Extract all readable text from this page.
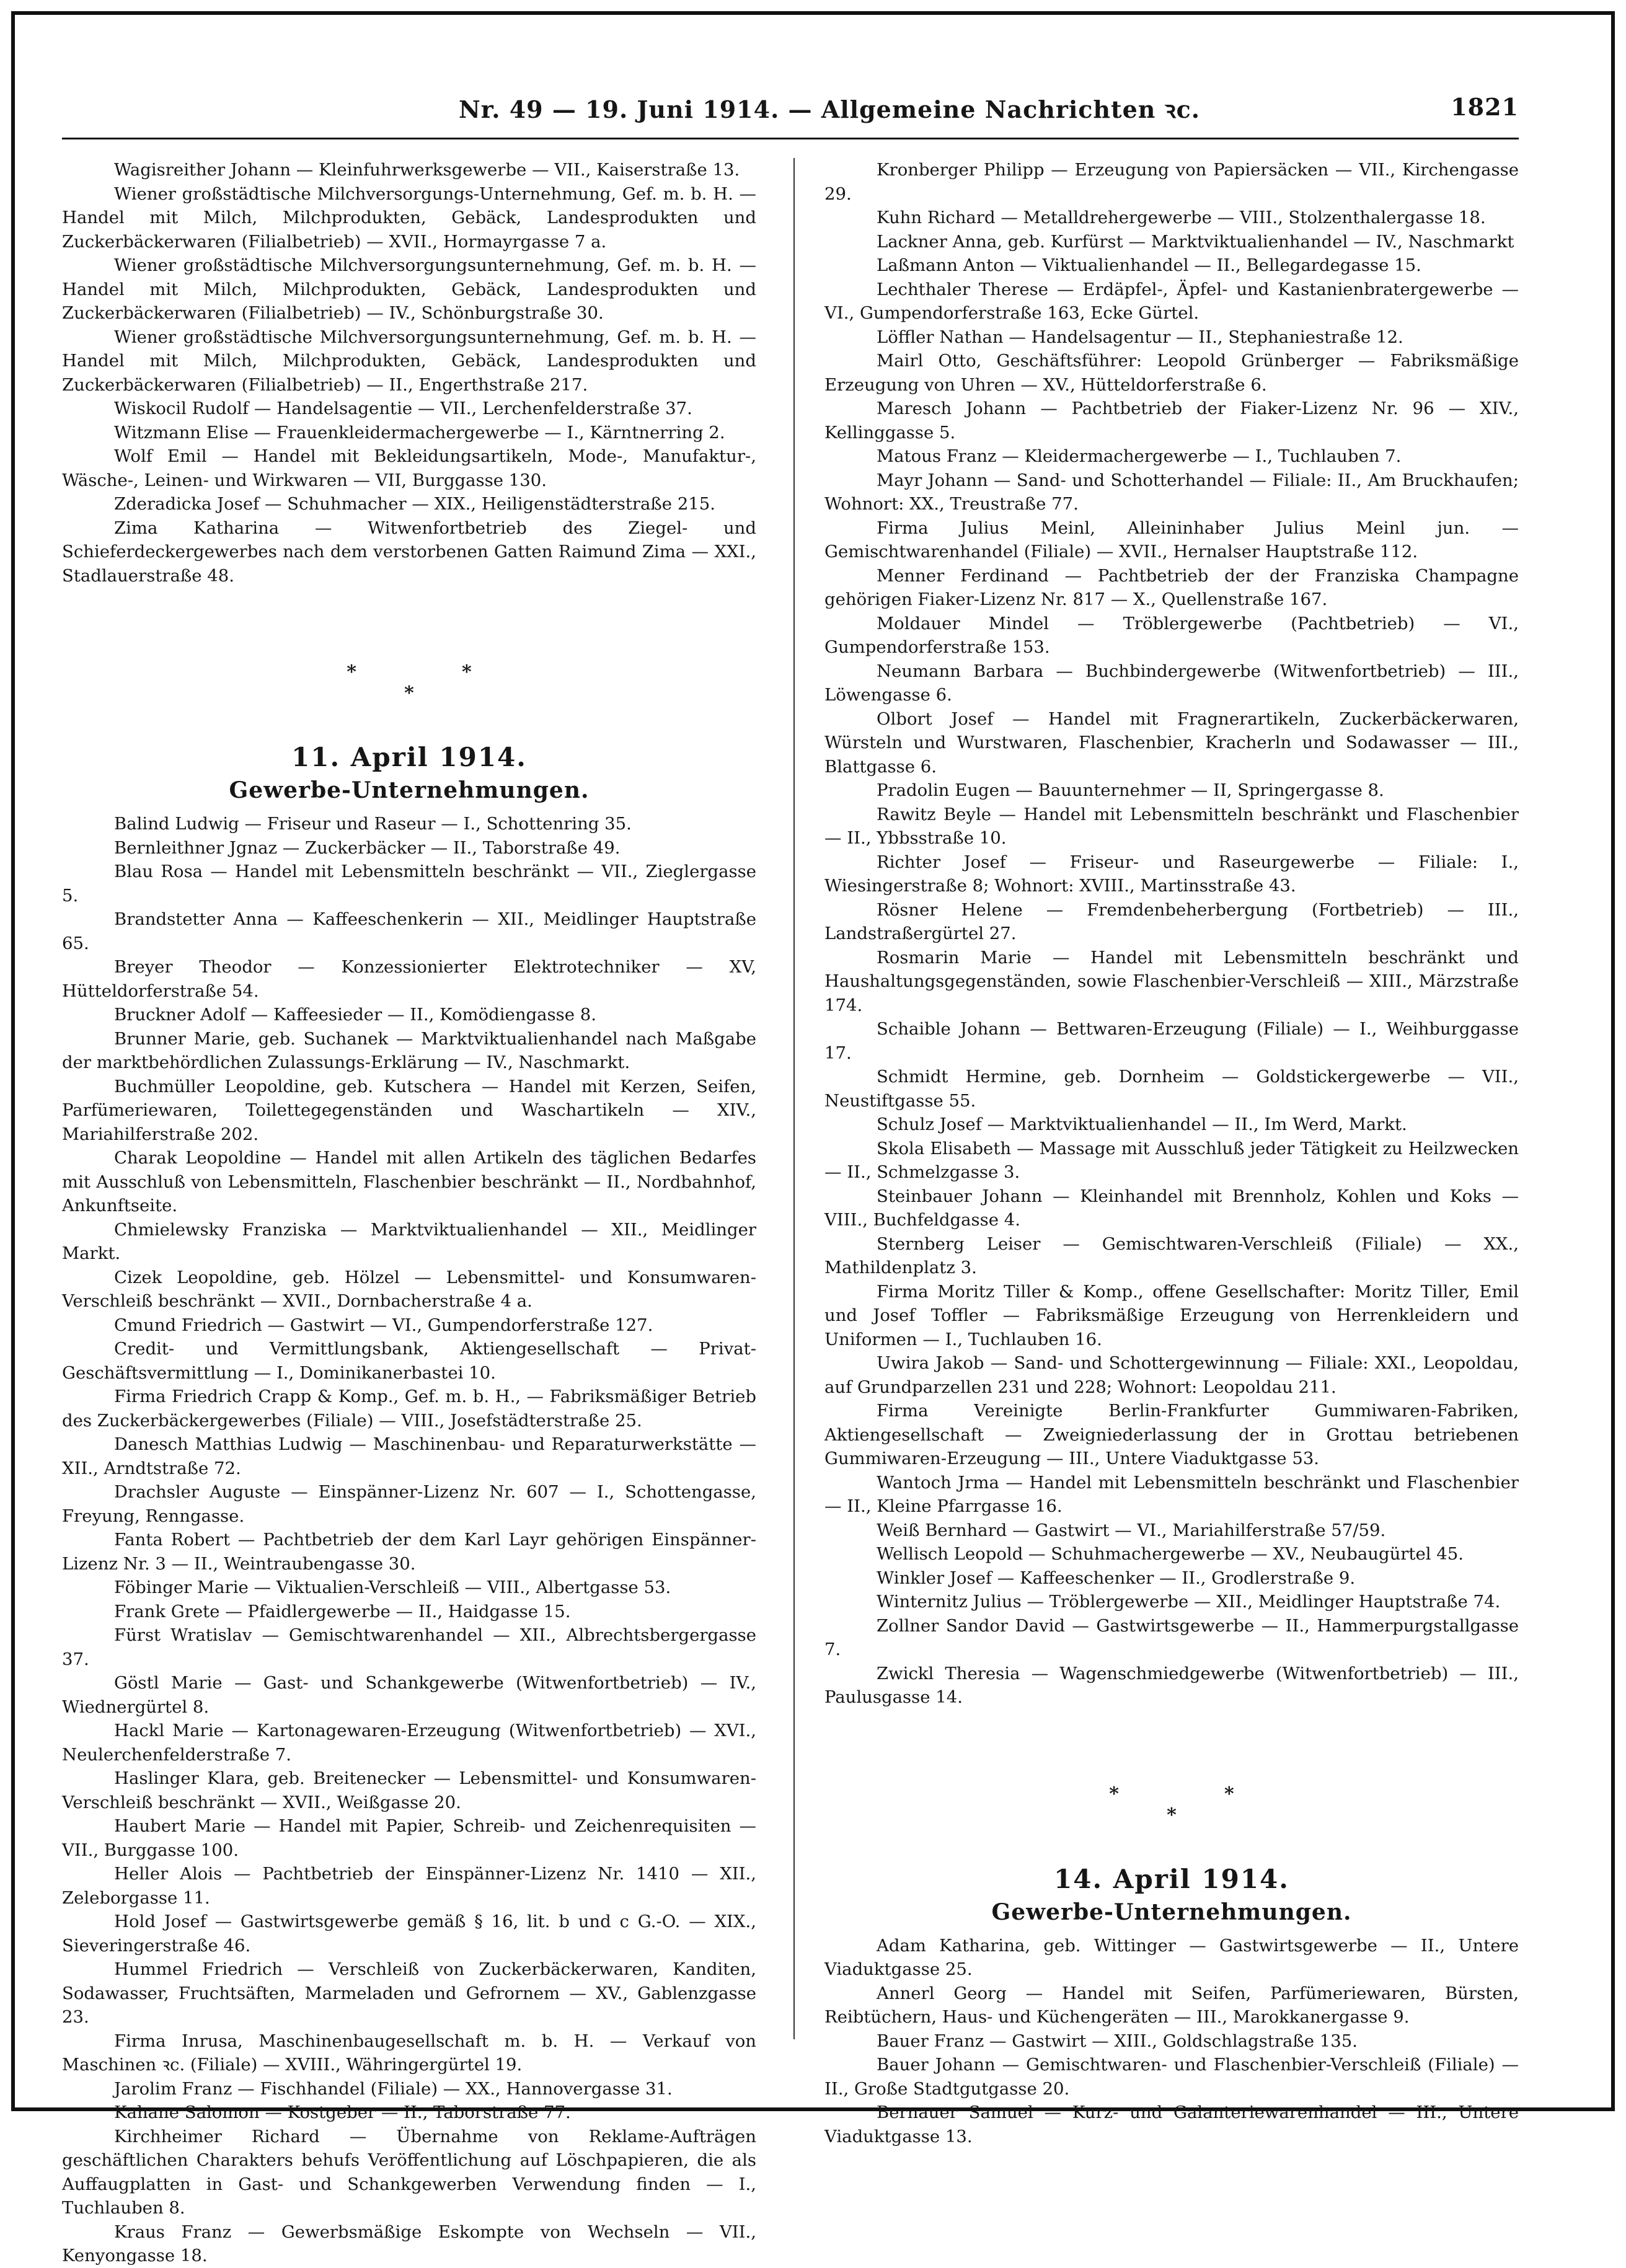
Nr. 49 — 19. Juni 1914. — Allgemeine Nachrichten ꝛc.	1821

Wagisreither Johann — Kleinfuhrwerksgewerbe — VII., Kaiserstraße 13.

Wiener großstädtische Milchversorgungs-Unternehmung, Gef. m. b. H. — Handel mit Milch, Milchprodukten, Gebäck, Landesprodukten und Zuckerbäckerwaren (Filialbetrieb) — XVII., Hormayrgasse 7 a.

Wiener großstädtische Milchversorgungsunternehmung, Gef. m. b. H. — Handel mit Milch, Milchprodukten, Gebäck, Landesprodukten und Zuckerbäckerwaren (Filialbetrieb) — IV., Schönburgstraße 30.

Wiener großstädtische Milchversorgungsunternehmung, Gef. m. b. H. — Handel mit Milch, Milchprodukten, Gebäck, Landesprodukten und Zuckerbäckerwaren (Filialbetrieb) — II., Engerthstraße 217.

Wiskocil Rudolf — Handelsagentie — VII., Lerchenfelderstraße 37.

Witzmann Elise — Frauenkleidermachergewerbe — I., Kärntnerring 2.

Wolf Emil — Handel mit Bekleidungsartikeln, Mode-, Manufaktur-, Wäsche-, Leinen- und Wirkwaren — VII, Burggasse 130.

Zderadicka Josef — Schuhmacher — XIX., Heiligenstädterstraße 215.

Zima Katharina — Witwenfortbetrieb des Ziegel- und Schieferdeckergewerbes nach dem verstorbenen Gatten Raimund Zima — XXI., Stadlauerstraße 48.

**
*
11. April 1914.
Gewerbe-Unternehmungen.

Balind Ludwig — Friseur und Raseur — I., Schottenring 35.

Bernleithner Jgnaz — Zuckerbäcker — II., Taborstraße 49.

Blau Rosa — Handel mit Lebensmitteln beschränkt — VII., Zieglergasse 5.

Brandstetter Anna — Kaffeeschenkerin — XII., Meidlinger Hauptstraße 65.

Breyer Theodor — Konzessionierter Elektrotechniker — XV, Hütteldorferstraße 54.

Bruckner Adolf — Kaffeesieder — II., Komödiengasse 8.

Brunner Marie, geb. Suchanek — Marktviktualienhandel nach Maßgabe der marktbehördlichen Zulassungs-Erklärung — IV., Naschmarkt.

Buchmüller Leopoldine, geb. Kutschera — Handel mit Kerzen, Seifen, Parfümeriewaren, Toilettegegenständen und Waschartikeln — XIV., Mariahilferstraße 202.

Charak Leopoldine — Handel mit allen Artikeln des täglichen Bedarfes mit Ausschluß von Lebensmitteln, Flaschenbier beschränkt — II., Nordbahnhof, Ankunftseite.

Chmielewsky Franziska — Marktviktualienhandel — XII., Meidlinger Markt.

Cizek Leopoldine, geb. Hölzel — Lebensmittel- und Konsumwaren-Verschleiß beschränkt — XVII., Dornbacherstraße 4 a.

Cmund Friedrich — Gastwirt — VI., Gumpendorferstraße 127.

Credit- und Vermittlungsbank, Aktiengesellschaft — Privat-Geschäftsvermittlung — I., Dominikanerbastei 10.

Firma Friedrich Crapp & Komp., Gef. m. b. H., — Fabriksmäßiger Betrieb des Zuckerbäckergewerbes (Filiale) — VIII., Josefstädterstraße 25.

Danesch Matthias Ludwig — Maschinenbau- und Reparaturwerkstätte — XII., Arndtstraße 72.

Drachsler Auguste — Einspänner-Lizenz Nr. 607 — I., Schottengasse, Freyung, Renngasse.

Fanta Robert — Pachtbetrieb der dem Karl Layr gehörigen Einspänner-Lizenz Nr. 3 — II., Weintraubengasse 30.

Föbinger Marie — Viktualien-Verschleiß — VIII., Albertgasse 53.

Frank Grete — Pfaidlergewerbe — II., Haidgasse 15.

Fürst Wratislav — Gemischtwarenhandel — XII., Albrechtsbergergasse 37.

Göstl Marie — Gast- und Schankgewerbe (Witwenfortbetrieb) — IV., Wiednergürtel 8.

Hackl Marie — Kartonagewaren-Erzeugung (Witwenfortbetrieb) — XVI., Neulerchenfelderstraße 7.

Haslinger Klara, geb. Breitenecker — Lebensmittel- und Konsumwaren-Verschleiß beschränkt — XVII., Weißgasse 20.

Haubert Marie — Handel mit Papier, Schreib- und Zeichenrequisiten — VII., Burggasse 100.

Heller Alois — Pachtbetrieb der Einspänner-Lizenz Nr. 1410 — XII., Zeleborgasse 11.

Hold Josef — Gastwirtsgewerbe gemäß § 16, lit. b und c G.-O. — XIX., Sieveringerstraße 46.

Hummel Friedrich — Verschleiß von Zuckerbäckerwaren, Kanditen, Sodawasser, Fruchtsäften, Marmeladen und Gefrornem — XV., Gablenzgasse 23.

Firma Inrusa, Maschinenbaugesellschaft m. b. H. — Verkauf von Maschinen ꝛc. (Filiale) — XVIII., Währingergürtel 19.

Jarolim Franz — Fischhandel (Filiale) — XX., Hannovergasse 31.

Kahane Salomon — Kostgeber — II., Taborstraße 77.

Kirchheimer Richard — Übernahme von Reklame-Aufträgen geschäftlichen Charakters behufs Veröffentlichung auf Löschpapieren, die als Auffaugplatten in Gast- und Schankgewerben Verwendung finden — I., Tuchlauben 8.

Kraus Franz — Gewerbsmäßige Eskompte von Wechseln — VII., Kenyongasse 18.

Kronberger Philipp — Erzeugung von Papiersäcken — VII., Kirchengasse 29.

Kuhn Richard — Metalldrehergewerbe — VIII., Stolzenthalergasse 18.

Lackner Anna, geb. Kurfürst — Marktviktualienhandel — IV., Naschmarkt

Laßmann Anton — Viktualienhandel — II., Bellegardegasse 15.

Lechthaler Therese — Erdäpfel-, Äpfel- und Kastanienbratergewerbe — VI., Gumpendorferstraße 163, Ecke Gürtel.

Löffler Nathan — Handelsagentur — II., Stephaniestraße 12.

Mairl Otto, Geschäftsführer: Leopold Grünberger — Fabriksmäßige Erzeugung von Uhren — XV., Hütteldorferstraße 6.

Maresch Johann — Pachtbetrieb der Fiaker-Lizenz Nr. 96 — XIV., Kellinggasse 5.

Matous Franz — Kleidermachergewerbe — I., Tuchlauben 7.

Mayr Johann — Sand- und Schotterhandel — Filiale: II., Am Bruckhaufen; Wohnort: XX., Treustraße 77.

Firma Julius Meinl, Alleininhaber Julius Meinl jun. — Gemischtwarenhandel (Filiale) — XVII., Hernalser Hauptstraße 112.

Menner Ferdinand — Pachtbetrieb der der Franziska Champagne gehörigen Fiaker-Lizenz Nr. 817 — X., Quellenstraße 167.

Moldauer Mindel — Tröblergewerbe (Pachtbetrieb) — VI., Gumpendorferstraße 153.

Neumann Barbara — Buchbindergewerbe (Witwenfortbetrieb) — III., Löwengasse 6.

Olbort Josef — Handel mit Fragnerartikeln, Zuckerbäckerwaren, Würsteln und Wurstwaren, Flaschenbier, Kracherln und Sodawasser — III., Blattgasse 6.

Pradolin Eugen — Bauunternehmer — II, Springergasse 8.

Rawitz Beyle — Handel mit Lebensmitteln beschränkt und Flaschenbier — II., Ybbsstraße 10.

Richter Josef — Friseur- und Raseurgewerbe — Filiale: I., Wiesingerstraße 8; Wohnort: XVIII., Martinsstraße 43.

Rösner Helene — Fremdenbeherbergung (Fortbetrieb) — III., Landstraßergürtel 27.

Rosmarin Marie — Handel mit Lebensmitteln beschränkt und Haushaltungsgegenständen, sowie Flaschenbier-Verschleiß — XIII., Märzstraße 174.

Schaible Johann — Bettwaren-Erzeugung (Filiale) — I., Weihburggasse 17.

Schmidt Hermine, geb. Dornheim — Goldstickergewerbe — VII., Neustiftgasse 55.

Schulz Josef — Marktviktualienhandel — II., Im Werd, Markt.

Skola Elisabeth — Massage mit Ausschluß jeder Tätigkeit zu Heilzwecken — II., Schmelzgasse 3.

Steinbauer Johann — Kleinhandel mit Brennholz, Kohlen und Koks — VIII., Buchfeldgasse 4.

Sternberg Leiser — Gemischtwaren-Verschleiß (Filiale) — XX., Mathildenplatz 3.

Firma Moritz Tiller & Komp., offene Gesellschafter: Moritz Tiller, Emil und Josef Toffler — Fabriksmäßige Erzeugung von Herrenkleidern und Uniformen — I., Tuchlauben 16.

Uwira Jakob — Sand- und Schottergewinnung — Filiale: XXI., Leopoldau, auf Grundparzellen 231 und 228; Wohnort: Leopoldau 211.

Firma Vereinigte Berlin-Frankfurter Gummiwaren-Fabriken, Aktiengesellschaft — Zweigniederlassung der in Grottau betriebenen Gummiwaren-Erzeugung — III., Untere Viaduktgasse 53.

Wantoch Jrma — Handel mit Lebensmitteln beschränkt und Flaschenbier — II., Kleine Pfarrgasse 16.

Weiß Bernhard — Gastwirt — VI., Mariahilferstraße 57/59.

Wellisch Leopold — Schuhmachergewerbe — XV., Neubaugürtel 45.

Winkler Josef — Kaffeeschenker — II., Grodlerstraße 9.

Winternitz Julius — Tröblergewerbe — XII., Meidlinger Hauptstraße 74.

Zollner Sandor David — Gastwirtsgewerbe — II., Hammerpurgstallgasse 7.

Zwickl Theresia — Wagenschmiedgewerbe (Witwenfortbetrieb) — III., Paulusgasse 14.

**
*
14. April 1914.
Gewerbe-Unternehmungen.

Adam Katharina, geb. Wittinger — Gastwirtsgewerbe — II., Untere Viaduktgasse 25.

Annerl Georg — Handel mit Seifen, Parfümeriewaren, Bürsten, Reibtüchern, Haus- und Küchengeräten — III., Marokkanergasse 9.

Bauer Franz — Gastwirt — XIII., Goldschlagstraße 135.

Bauer Johann — Gemischtwaren- und Flaschenbier-Verschleiß (Filiale) — II., Große Stadtgutgasse 20.

Bernauer Samuel — Kurz- und Galanteriewarenhandel — III., Untere Viaduktgasse 13.
